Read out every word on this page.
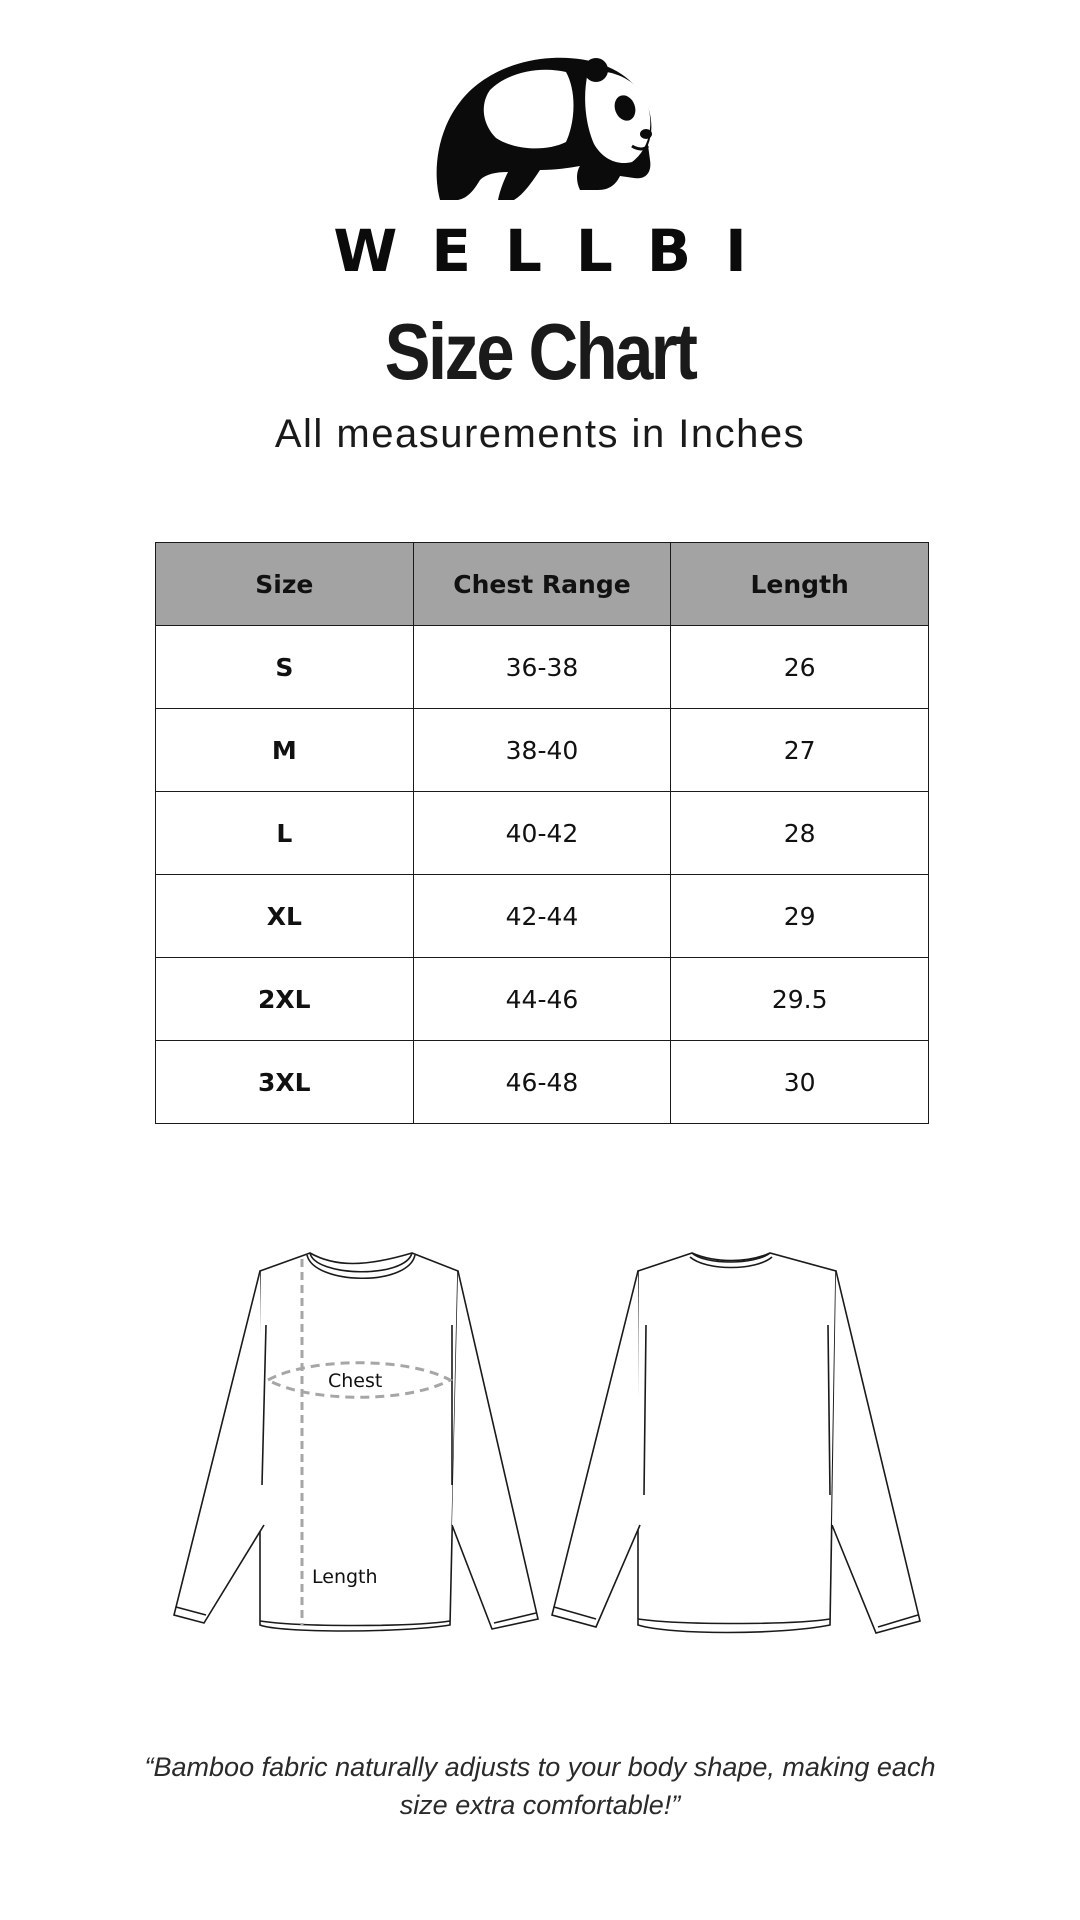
WELLBI
Size Chart
All measurements in Inches
Size	Chest Range	Length
S	36-38	26
M	38-40	27
L	40-42	28
XL	42-44	29
2XL	44-46	29.5
3XL	46-48	30
Chest
Length
“Bamboo fabric naturally adjusts to your body shape, making each size extra comfortable!”
